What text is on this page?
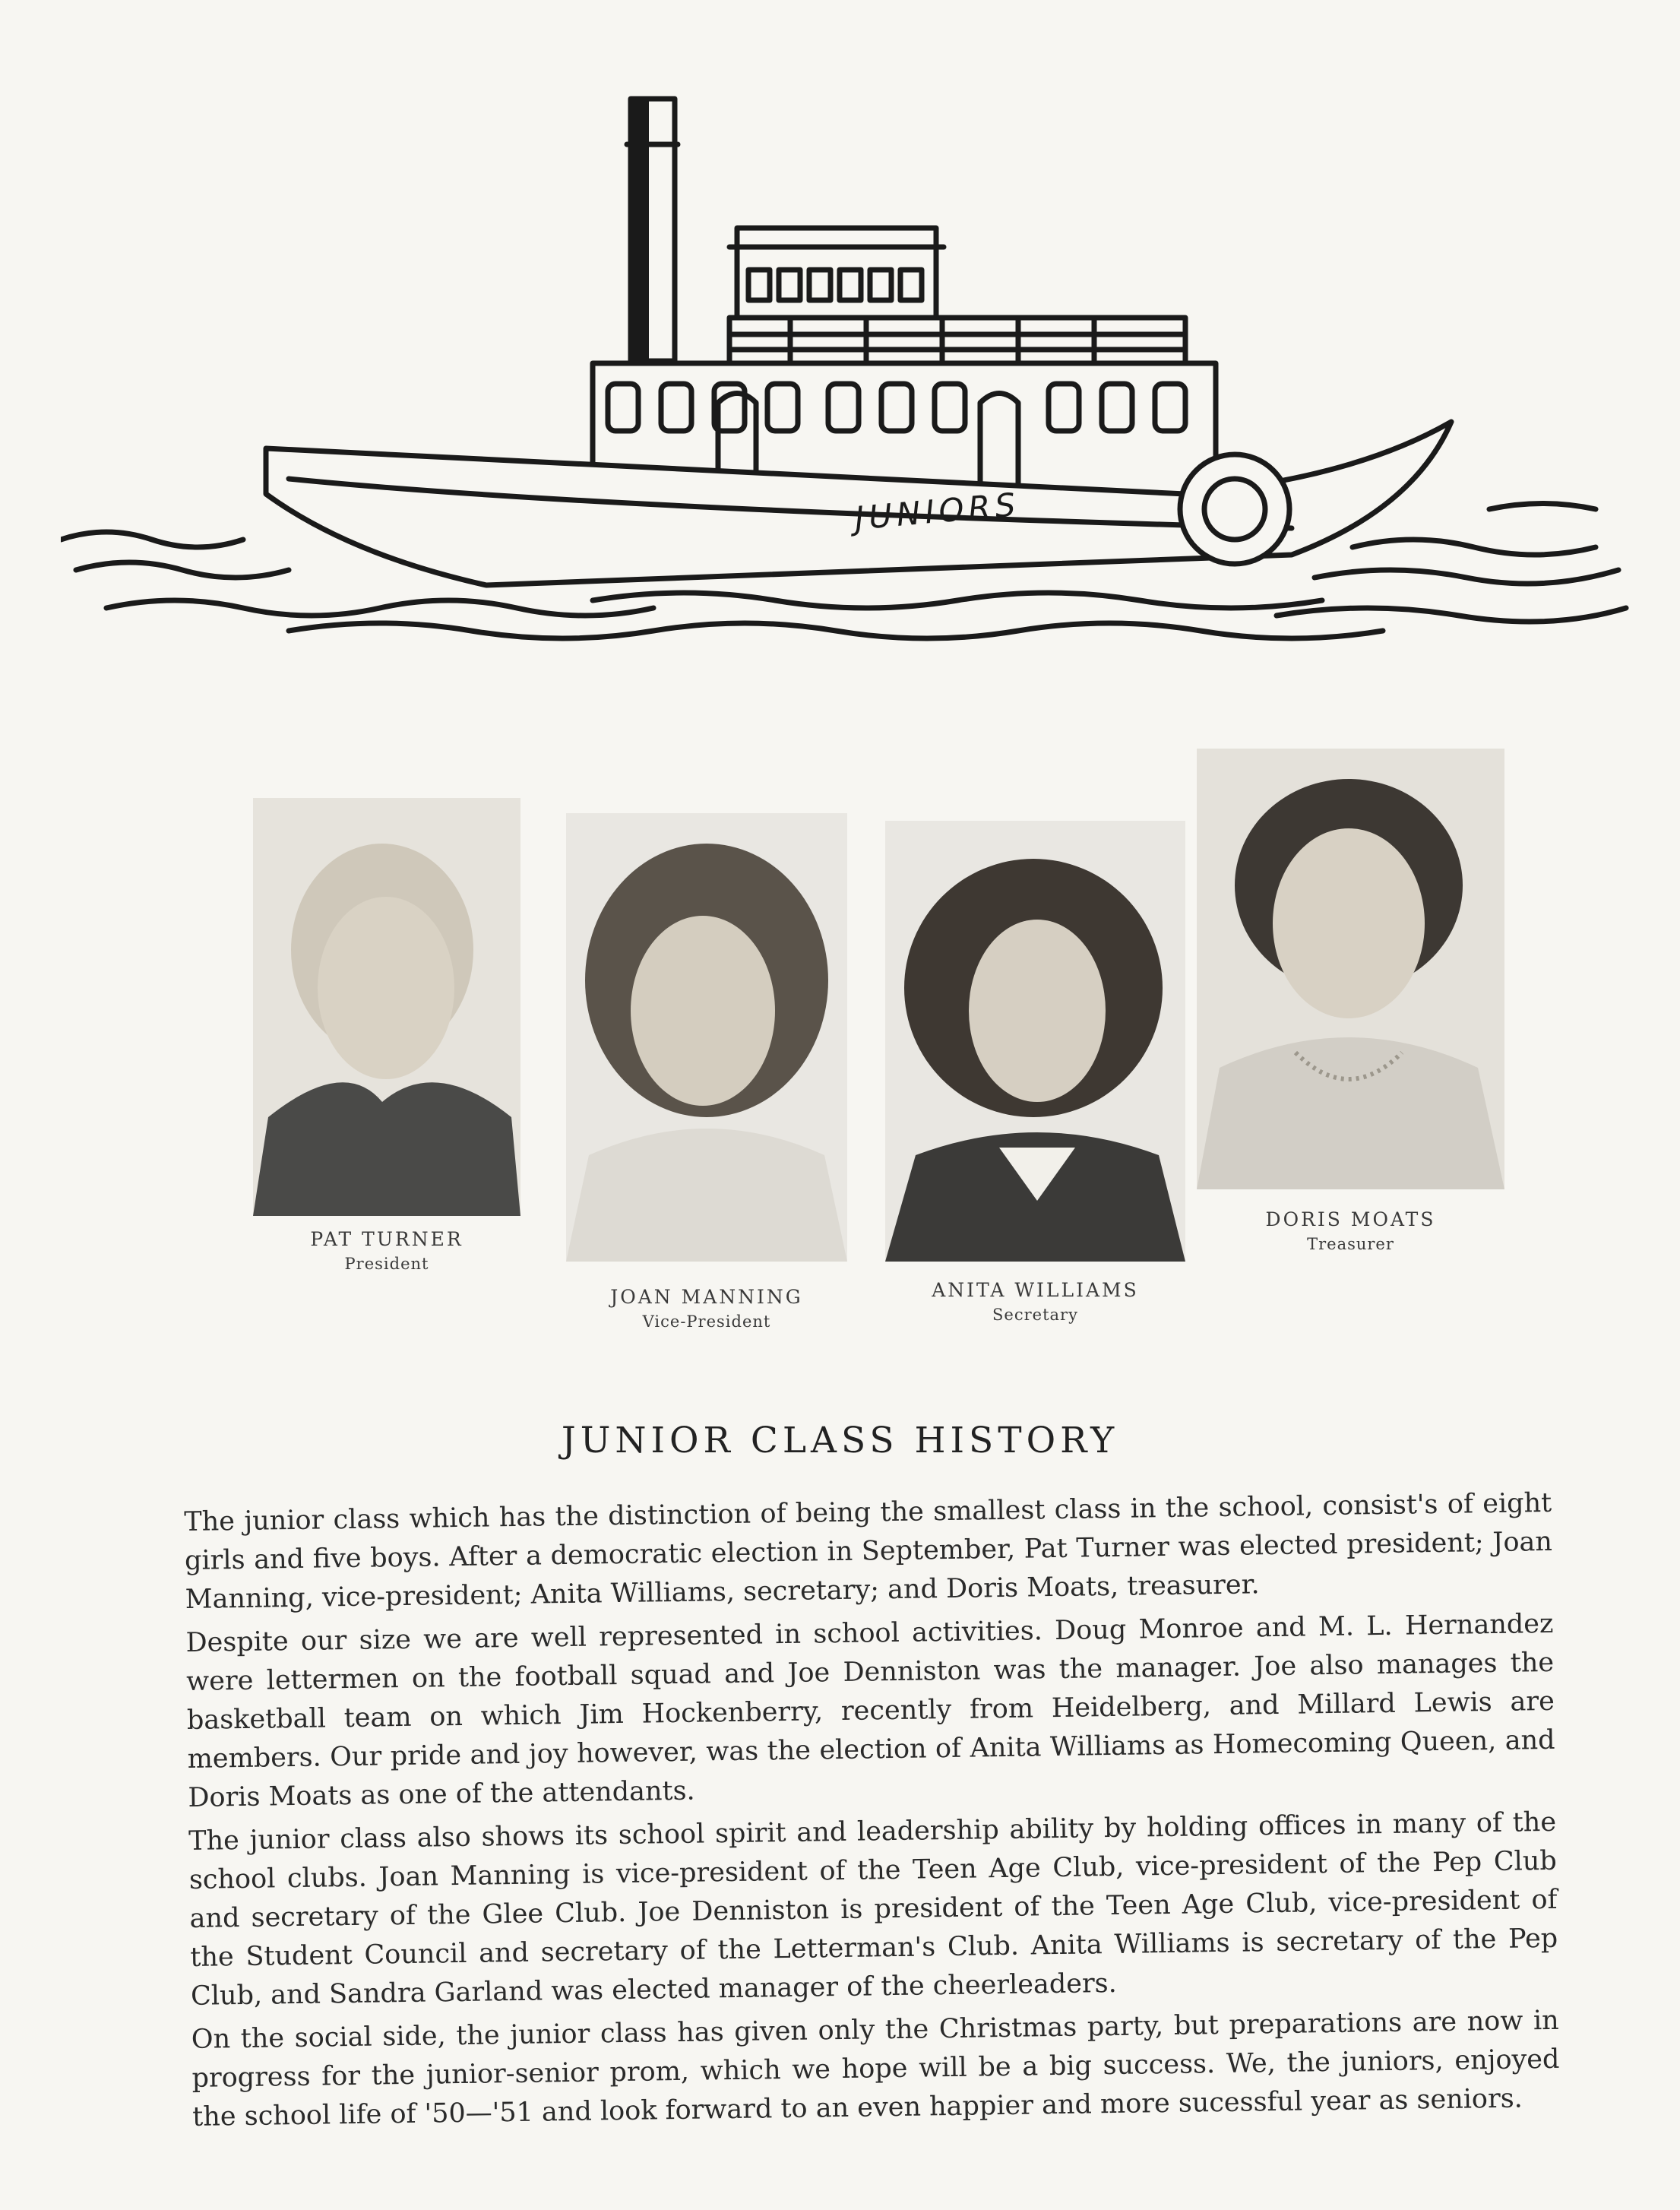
JUNIORS
PAT TURNER
President
JOAN MANNING
Vice-President
ANITA WILLIAMS
Secretary
DORIS MOATS
Treasurer
JUNIOR CLASS HISTORY

The junior class which has the distinction of being the smallest class in the school, consist's of eight girls and five boys. After a democratic election in September, Pat Turner was elected president; Joan Manning, vice-president; Anita Williams, secretary; and Doris Moats, treasurer.

Despite our size we are well represented in school activities. Doug Monroe and M. L. Hernandez were lettermen on the football squad and Joe Denniston was the manager. Joe also manages the basketball team on which Jim Hockenberry, recently from Heidelberg, and Millard Lewis are members. Our pride and joy however, was the election of Anita Williams as Homecoming Queen, and Doris Moats as one of the attendants.

The junior class also shows its school spirit and leadership ability by holding offices in many of the school clubs. Joan Manning is vice-president of the Teen Age Club, vice-president of the Pep Club and secretary of the Glee Club. Joe Denniston is president of the Teen Age Club, vice-president of the Student Council and secretary of the Letterman's Club. Anita Williams is secretary of the Pep Club, and Sandra Garland was elected manager of the cheerleaders.

On the social side, the junior class has given only the Christmas party, but preparations are now in progress for the junior-senior prom, which we hope will be a big success. We, the juniors, enjoyed the school life of '50—'51 and look forward to an even happier and more sucessful year as seniors.
